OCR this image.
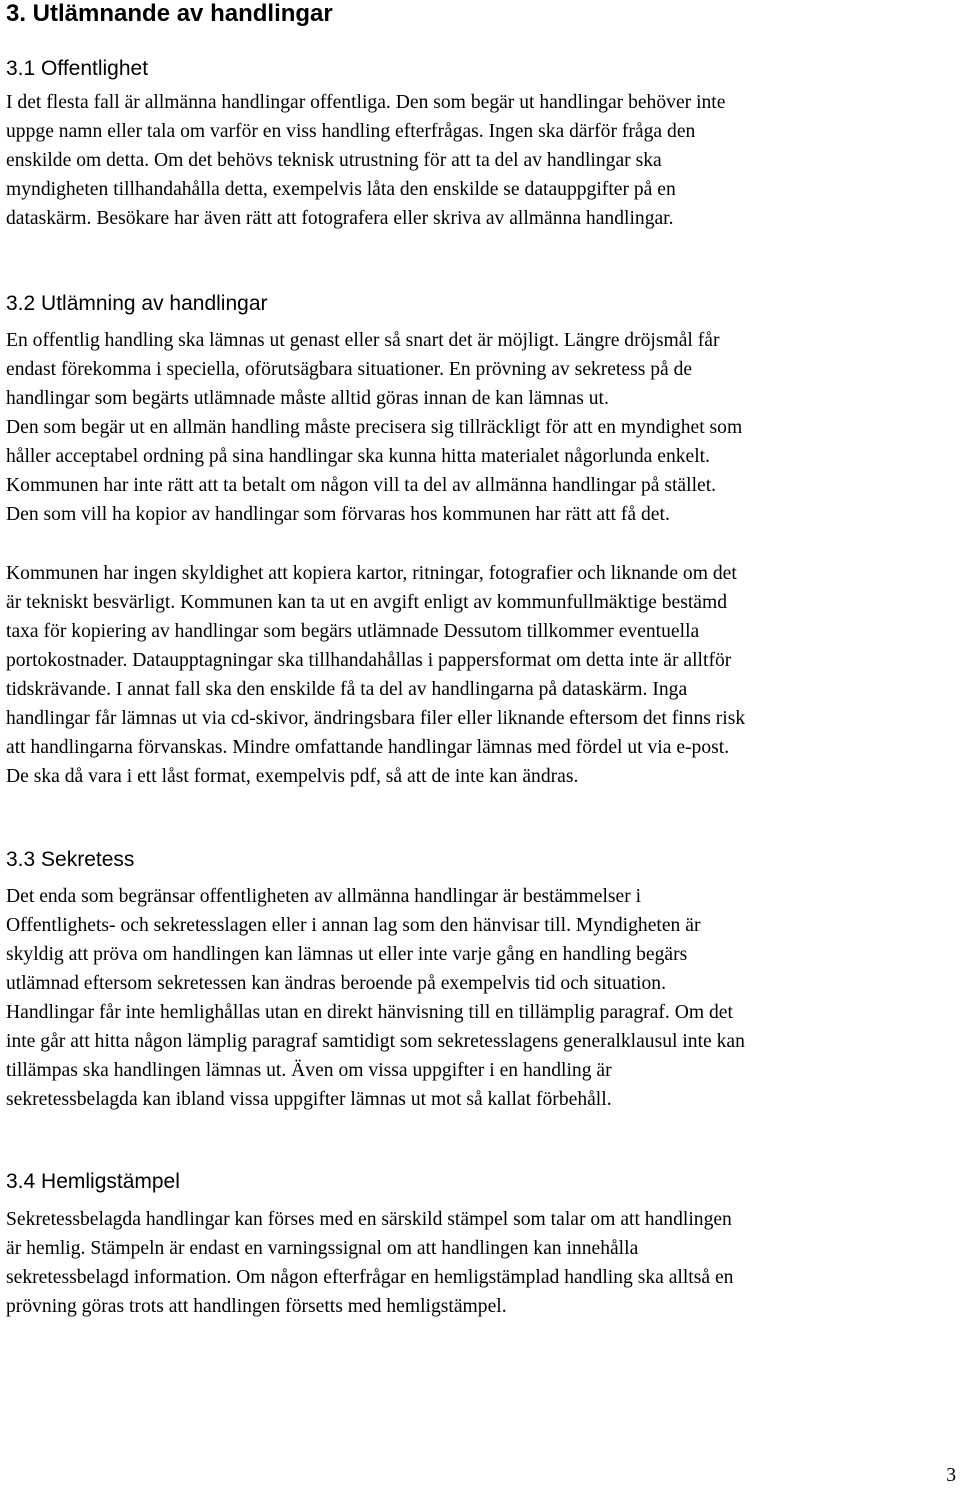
3. Utlämnande av handlingar
3.1 Offentlighet
I det flesta fall är allmänna handlingar offentliga. Den som begär ut handlingar behöver inte
uppge namn eller tala om varför en viss handling efterfrågas. Ingen ska därför fråga den
enskilde om detta. Om det behövs teknisk utrustning för att ta del av handlingar ska
myndigheten tillhandahålla detta, exempelvis låta den enskilde se datauppgifter på en
dataskärm. Besökare har även rätt att fotografera eller skriva av allmänna handlingar.
3.2 Utlämning av handlingar
En offentlig handling ska lämnas ut genast eller så snart det är möjligt. Längre dröjsmål får
endast förekomma i speciella, oförutsägbara situationer. En prövning av sekretess på de
handlingar som begärts utlämnade måste alltid göras innan de kan lämnas ut.
Den som begär ut en allmän handling måste precisera sig tillräckligt för att en myndighet som
håller acceptabel ordning på sina handlingar ska kunna hitta materialet någorlunda enkelt.
Kommunen har inte rätt att ta betalt om någon vill ta del av allmänna handlingar på stället.
Den som vill ha kopior av handlingar som förvaras hos kommunen har rätt att få det.
Kommunen har ingen skyldighet att kopiera kartor, ritningar, fotografier och liknande om det
är tekniskt besvärligt. Kommunen kan ta ut en avgift enligt av kommunfullmäktige bestämd
taxa för kopiering av handlingar som begärs utlämnade Dessutom tillkommer eventuella
portokostnader. Dataupptagningar ska tillhandahållas i pappersformat om detta inte är alltför
tidskrävande. I annat fall ska den enskilde få ta del av handlingarna på dataskärm. Inga
handlingar får lämnas ut via cd-skivor, ändringsbara filer eller liknande eftersom det finns risk
att handlingarna förvanskas. Mindre omfattande handlingar lämnas med fördel ut via e-post.
De ska då vara i ett låst format, exempelvis pdf, så att de inte kan ändras.
3.3 Sekretess
Det enda som begränsar offentligheten av allmänna handlingar är bestämmelser i
Offentlighets- och sekretesslagen eller i annan lag som den hänvisar till. Myndigheten är
skyldig att pröva om handlingen kan lämnas ut eller inte varje gång en handling begärs
utlämnad eftersom sekretessen kan ändras beroende på exempelvis tid och situation.
Handlingar får inte hemlighållas utan en direkt hänvisning till en tillämplig paragraf. Om det
inte går att hitta någon lämplig paragraf samtidigt som sekretesslagens generalklausul inte kan
tillämpas ska handlingen lämnas ut. Även om vissa uppgifter i en handling är
sekretessbelagda kan ibland vissa uppgifter lämnas ut mot så kallat förbehåll.
3.4 Hemligstämpel
Sekretessbelagda handlingar kan förses med en särskild stämpel som talar om att handlingen
är hemlig. Stämpeln är endast en varningssignal om att handlingen kan innehålla
sekretessbelagd information. Om någon efterfrågar en hemligstämplad handling ska alltså en
prövning göras trots att handlingen försetts med hemligstämpel.
3
